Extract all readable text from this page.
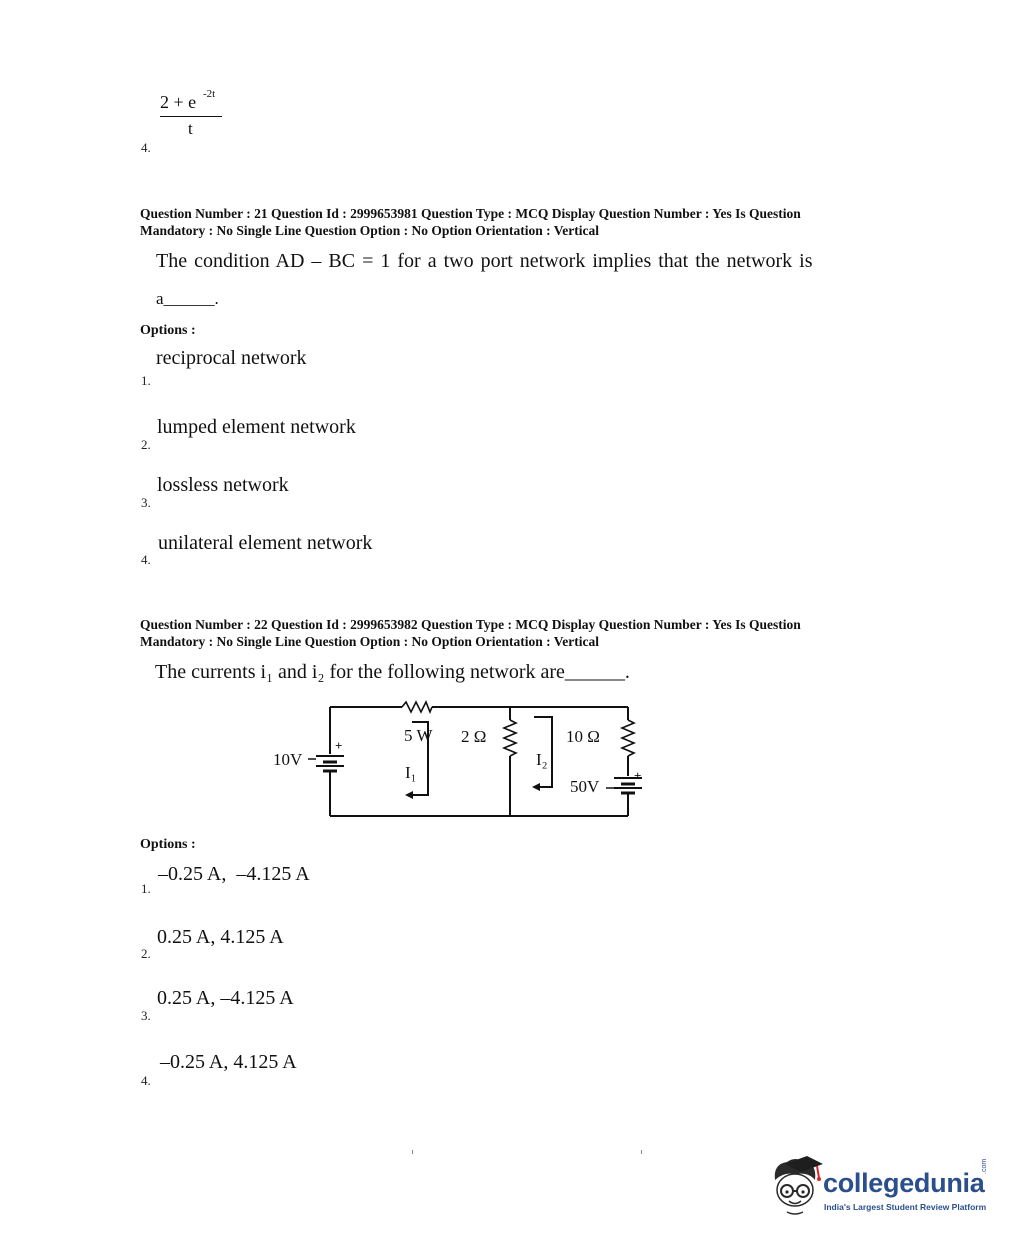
2 + e -2t
t
4.
Question Number : 21 Question Id : 2999653981 Question Type : MCQ Display Question Number : Yes Is Question
Mandatory : No Single Line Question Option : No Option Orientation : Vertical
The condition AD – BC = 1 for a two port network implies that the network is
a______.
Options :
reciprocal network
1.
lumped element network
2.
lossless network
3.
unilateral element network
4.
Question Number : 22 Question Id : 2999653982 Question Type : MCQ Display Question Number : Yes Is Question
Mandatory : No Single Line Question Option : No Option Orientation : Vertical
The currents i₁ and i₂ for the following network are______.
10V
+
5 W 2 Ω	10 Ω
I₁
I₂
50V
+
Options :
–0.25 A,  –4.125 A
1.
0.25 A, 4.125 A
2.
0.25 A, –4.125 A
3.
–0.25 A, 4.125 A
4.
collegedunia
.com
India's Largest Student Review Platform
